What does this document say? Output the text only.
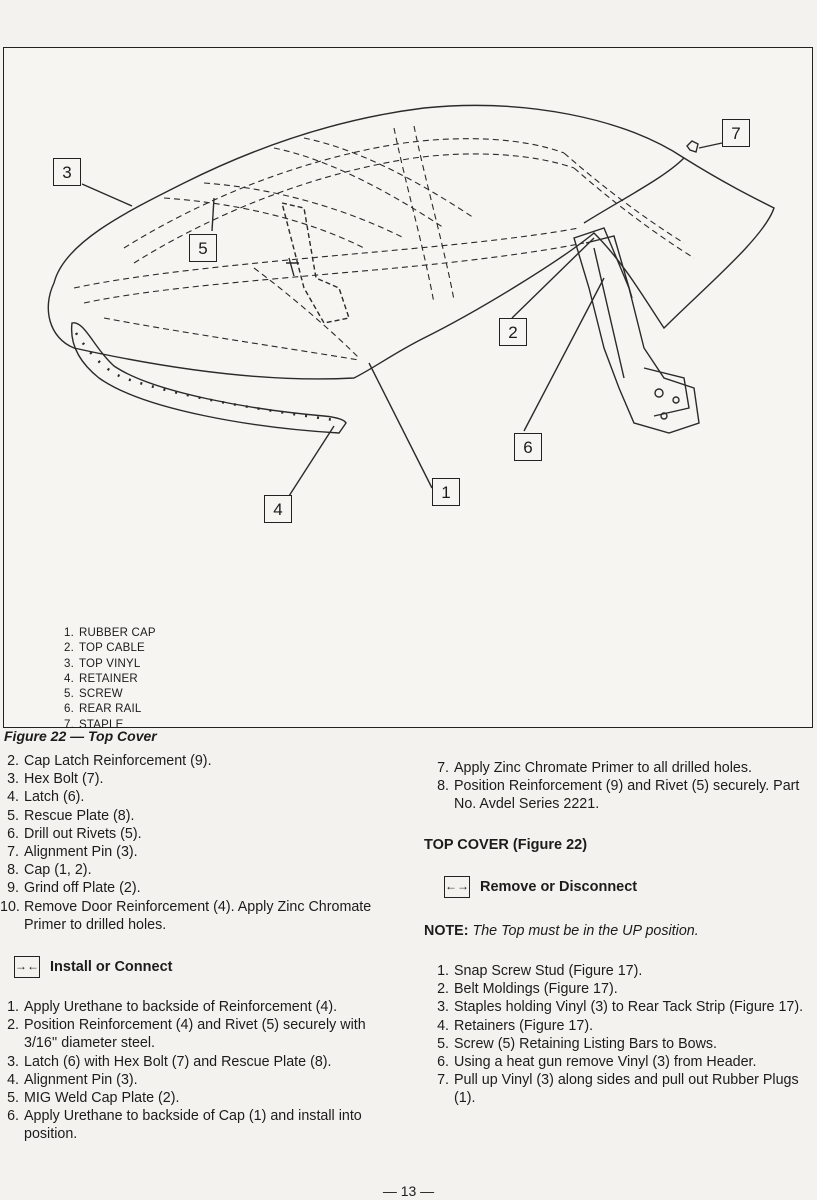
3
5
7
2
6
1
4
1. RUBBER CAP
2. TOP CABLE
3. TOP VINYL
4. RETAINER
5. SCREW
6. REAR RAIL
7. STAPLE
Figure 22 — Top Cover
2. Cap Latch Reinforcement (9).
3. Hex Bolt (7).
4. Latch (6).
5. Rescue Plate (8).
6. Drill out Rivets (5).
7. Alignment Pin (3).
8. Cap (1, 2).
9. Grind off Plate (2).
10. Remove Door Reinforcement (4). Apply Zinc Chromate Primer to drilled holes.
→← Install or Connect
1. Apply Urethane to backside of Reinforcement (4).
2. Position Reinforcement (4) and Rivet (5) securely with 3/16'' diameter steel.
3. Latch (6) with Hex Bolt (7) and Rescue Plate (8).
4. Alignment Pin (3).
5. MIG Weld Cap Plate (2).
6. Apply Urethane to backside of Cap (1) and install into position.
7. Apply Zinc Chromate Primer to all drilled holes.
8. Position Reinforcement (9) and Rivet (5) securely. Part No. Avdel Series 2221.
TOP COVER (Figure 22)
←→ Remove or Disconnect
NOTE: The Top must be in the UP position.
1. Snap Screw Stud (Figure 17).
2. Belt Moldings (Figure 17).
3. Staples holding Vinyl (3) to Rear Tack Strip (Figure 17).
4. Retainers (Figure 17).
5. Screw (5) Retaining Listing Bars to Bows.
6. Using a heat gun remove Vinyl (3) from Header.
7. Pull up Vinyl (3) along sides and pull out Rubber Plugs (1).
— 13 —
